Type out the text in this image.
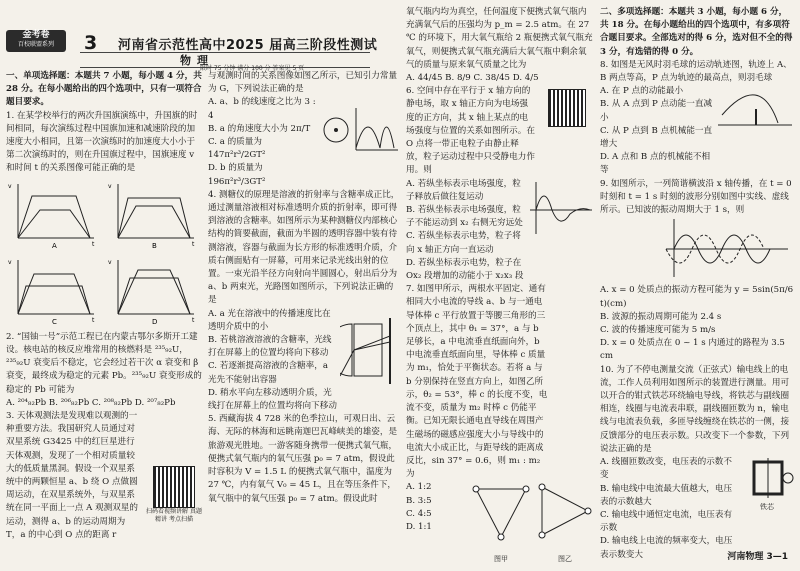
金考卷
百校联盟系列	3 河南省示范性高中2025 届高三阶段性测试
物理
限时 75 分钟 满分 100 分 答案见 5 页

一、单项选择题：本题共 7 小题，每小题 4 分，共 28 分。在每小题给出的四个选项中，只有一项符合题目要求。

1. 在某学校举行的两次升国旗演练中，升国旗的时间相同，每次演练过程中国旗加速和减速阶段的加速度大小相同，且第一次演练时的加速度大小小于第二次演练时的，则在升国旗过程中，国旗速度 v 和时间 t 的关系图像可能正确的是

v
t
A
v
t
B
v
t
C
v
t
D

2. “国铀一号”示范工程已在内蒙古鄂尔多斯开工建设。核电站的核反应堆常用的核燃料是 ²³⁵₉₂U，²³⁵₉₂U 衰变后不稳定，它会经过若干次 α 衰变和 β 衰变，最终成为稳定的元素 Pb。²³⁵₉₂U 衰变形成的稳定的 Pb 可能为

A. ²⁰⁴₈₂Pb B. ²⁰⁶₈₂Pb C. ²⁰⁸₈₂Pb D. ²⁰⁷₈₂Pb

3. 天体观测法是发现难以观测的一种重要方法。我国研究人员通过对双星系统 G3425 中的红巨星进行天体观测，发现了一个相对质量较大的低质量黑洞。假设一个双星系统中的两颗恒星 a、b 绕 O 点做圆周运动，在双星系统外，与双星系统在同一平面上一点 A 观测双星的运动，测得 a、b 的运动周期为 T，a 的中心到 O 点的距离 r

扫码看视频讲解 真题精讲 考点扫描

与观测时间的关系图像如图乙所示，已知引力常量为 G，下列说法正确的是

A. a、b 的线速度之比为 3 : 4

B. a 的角速度大小为 2π/T

C. a 的质量为 147π²r³/2GT²

D. b 的质量为 196π²r³/3GT²

4. 测糖仪的原理是溶液的折射率与含糖率成正比，通过测量溶液相对标准透明介质的折射率，即可得到溶液的含糖率。如图所示为某种测糖仪内部核心结构的简要截面，截面为半圆的透明容器中装有待测溶液，容器与截面为长方形的标准透明介质，介质右侧面贴有一屏幕，可用来记录光线出射的位置。一束光沿半径方向射向半圆圆心，射出后分为 a、b 两束光，光路图如图所示，下列说法正确的是

A. a 光在溶液中的传播速度比在透明介质中的小

B. 若桃溶液溶液的含糖率，光线打在屏幕上的位置均将向下移动

C. 若逐渐提高溶液的含糖率，a 光先不能射出容器

D. 稍水平向左移动透明介质，光线打在屏幕上的位置均将向下移动

5. 西藏海拔 4 728 米的色季拉山，可观日出、云海、无际的林海和远眺南迦巴瓦峰峡美的雄姿，是旅游观光胜地。一游客随身携带一便携式氧气瓶，便携式氧气瓶内的氧气压强 p₀ = 7 atm，假设此时容积为 V = 1.5 L 的便携式氧气瓶中，温度为 27 ℃，内有氧气 V₀ = 45 L，且在等压条件下，氧气瓶中的氧气压强 p₀ = 7 atm。假设此时

氧气瓶内均为真空，任何温度下便携式氧气瓶内充满氧气后的压强均为 p_m = 2.5 atm。在 27 ℃ 的环境下，用大氧气瓶给 2 瓶便携式氧气瓶充氧气，则便携式氧气瓶充满后大氧气瓶中剩余氧气的质量与原来氧气质量之比为

A. 44/45 B. 8/9 C. 38/45 D. 4/5

6. 空间中存在平行于 x 轴方向的静电场，取 x 轴正方向为电场强度的正方向，其 x 轴上某点的电场强度与位置的关系如图所示。在 O 点将一带正电粒子由静止释放，粒子运动过程中只受静电力作用。则

A. 若纵坐标表示电场强度，粒子释放后做往复运动

B. 若纵坐标表示电场强度，粒子不能运动到 x₂ 右侧无穷远处

C. 若纵坐标表示电势，粒子将向 x 轴正方向一直运动

D. 若纵坐标表示电势，粒子在 Ox₂ 段增加的动能小于 x₂x₃ 段

7. 如图甲所示，两根水平固定、通有相同大小电流的导线 a、b 与一通电导体棒 c 平行放置于等腰三角形的三个顶点上，其中 θ₁ = 37°，a 与 b 足够长，a 中电流垂直纸面向外，b 中电流垂直纸面向里，导体棒 c 质量为 m₁，恰处于平衡状态。若将 a 与 b 分别保持在竖直方向上，如图乙所示，θ₂ = 53°，棒 c 的长度不变，电流不变，质量为 m₂ 时棒 c 仍能平衡。已知无限长通电直导线在周围产生磁场的磁感应强度大小与导线中的电流大小成正比，与距导线的距离成反比，sin 37° = 0.6，则 m₁ : m₂ 为

A. 1:2

B. 3:5

C. 4:5

D. 1:1

图甲	图乙

二、多项选择题：本题共 3 小题，每小题 6 分，共 18 分。在每小题给出的四个选项中，有多项符合题目要求。全部选对的得 6 分，选对但不全的得 3 分，有选错的得 0 分。

8. 如图是无风时羽毛球的运动轨迹图，轨迹上 A、B 两点等高，P 点为轨迹的最高点，则羽毛球

A. 在 P 点的动能最小

B. 从 A 点到 P 点动能一直减小

C. 从 P 点到 B 点机械能一直增大

D. A 点和 B 点的机械能不相等

9. 如图所示，一列简谐横波沿 x 轴传播，在 t = 0 时刻和 t = 1 s 时刻的波形分别如图中实线、虚线所示。已知波的振动周期大于 1 s，则

A. x = 0 处质点的振动方程可能为 y = 5sin(5π/6 t)(cm)

B. 波源的振动周期可能为 2.4 s

C. 波的传播速度可能为 5 m/s

D. x = 0 处质点在 0 ~ 1 s 内通过的路程为 3.5 cm

10. 为了不停电测量交流（正弦式）输电线上的电流，工作人员利用如图所示的装置进行测量。用可以开合的钳式铁芯环绕输电导线，将铁芯与副线圈相连，线圈与电流表串联，副线圈匝数为 n，输电线与电流表负载，多匝导线缠绕在铁芯的一侧，接反馈部分的电压表示数。只改变下一个参数，下列说法正确的是

A. 线圈匝数改变，电压表的示数不变

B. 输电线中电流最大值越大，电压表的示数越大

C. 输电线中通恒定电流，电压表有示数

D. 输电线上电流的频率变大，电压表示数变大

铁芯
河南物理 3—1
